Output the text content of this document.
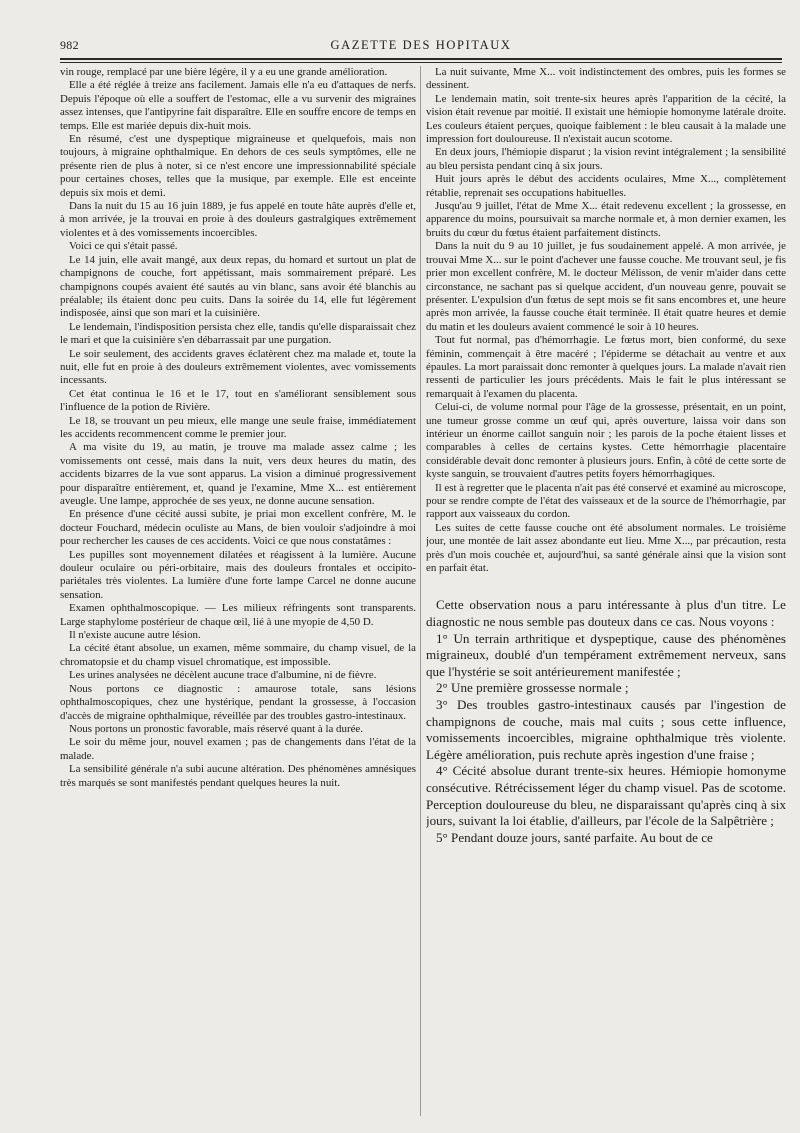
982	GAZETTE DES HOPITAUX

vin rouge, remplacé par une bière légère, il y a eu une grande amélioration.

Elle a été réglée à treize ans facilement. Jamais elle n'a eu d'attaques de nerfs. Depuis l'époque où elle a souffert de l'estomac, elle a vu survenir des migraines assez intenses, que l'antipyrine fait disparaître. Elle en souffre encore de temps en temps. Elle est mariée depuis dix-huit mois.

En résumé, c'est une dyspeptique migraineuse et quelquefois, mais non toujours, à migraine ophthalmique. En dehors de ces seuls symptômes, elle ne présente rien de plus à noter, si ce n'est encore une impressionnabilité spéciale pour certaines choses, telles que la musique, par exemple. Elle est enceinte depuis six mois et demi.

Dans la nuit du 15 au 16 juin 1889, je fus appelé en toute hâte auprès d'elle et, à mon arrivée, je la trouvai en proie à des douleurs gastralgiques extrêmement violentes et à des vomissements incoercibles.

Voici ce qui s'était passé.

Le 14 juin, elle avait mangé, aux deux repas, du homard et surtout un plat de champignons de couche, fort appétissant, mais sommairement préparé. Les champignons coupés avaient été sautés au vin blanc, sans avoir été blanchis au préalable; ils étaient donc peu cuits. Dans la soirée du 14, elle fut légèrement indisposée, ainsi que son mari et la cuisinière.

Le lendemain, l'indisposition persista chez elle, tandis qu'elle disparaissait chez le mari et que la cuisinière s'en débarrassait par une purgation.

Le soir seulement, des accidents graves éclatèrent chez ma malade et, toute la nuit, elle fut en proie à des douleurs extrêmement violentes, avec vomissements incessants.

Cet état continua le 16 et le 17, tout en s'améliorant sensiblement sous l'influence de la potion de Rivière.

Le 18, se trouvant un peu mieux, elle mange une seule fraise, immédiatement les accidents recommencent comme le premier jour.

A ma visite du 19, au matin, je trouve ma malade assez calme ; les vomissements ont cessé, mais dans la nuit, vers deux heures du matin, des accidents bizarres de la vue sont apparus. La vision a diminué progressivement pour disparaître entièrement, et, quand je l'examine, Mme X... est entièrement aveugle. Une lampe, approchée de ses yeux, ne donne aucune sensation.

En présence d'une cécité aussi subite, je priai mon excellent confrère, M. le docteur Fouchard, médecin oculiste au Mans, de bien vouloir s'adjoindre à moi pour rechercher les causes de ces accidents. Voici ce que nous constatâmes :

Les pupilles sont moyennement dilatées et réagissent à la lumière. Aucune douleur oculaire ou péri-orbitaire, mais des douleurs frontales et occipito-pariétales très violentes. La lumière d'une forte lampe Carcel ne donne aucune sensation.

Examen ophthalmoscopique. — Les milieux réfringents sont transparents. Large staphylome postérieur de chaque œil, lié à une myopie de 4,50 D.

Il n'existe aucune autre lésion.

La cécité étant absolue, un examen, même sommaire, du champ visuel, de la chromatopsie et du champ visuel chromatique, est impossible.

Les urines analysées ne décèlent aucune trace d'albumine, ni de fièvre.

Nous portons ce diagnostic : amaurose totale, sans lésions ophthalmoscopiques, chez une hystérique, pendant la grossesse, à l'occasion d'accès de migraine ophthalmique, réveillée par des troubles gastro-intestinaux.

Nous portons un pronostic favorable, mais réservé quant à la durée.

Le soir du même jour, nouvel examen ; pas de changements dans l'état de la malade.

La sensibilité générale n'a subi aucune altération. Des phénomènes amnésiques très marqués se sont manifestés pendant quelques heures la nuit.

La nuit suivante, Mme X... voit indistinctement des ombres, puis les formes se dessinent.

Le lendemain matin, soit trente-six heures après l'apparition de la cécité, la vision était revenue par moitié. Il existait une hémiopie homonyme latérale droite. Les couleurs étaient perçues, quoique faiblement : le bleu causait à la malade une impression fort douloureuse. Il n'existait aucun scotome.

En deux jours, l'hémiopie disparut ; la vision revint intégralement ; la sensibilité au bleu persista pendant cinq à six jours.

Huit jours après le début des accidents oculaires, Mme X..., complètement rétablie, reprenait ses occupations habituelles.

Jusqu'au 9 juillet, l'état de Mme X... était redevenu excellent ; la grossesse, en apparence du moins, poursuivait sa marche normale et, à mon dernier examen, les bruits du cœur du fœtus étaient parfaitement distincts.

Dans la nuit du 9 au 10 juillet, je fus soudainement appelé. A mon arrivée, je trouvai Mme X... sur le point d'achever une fausse couche. Me trouvant seul, je fis prier mon excellent confrère, M. le docteur Mélisson, de venir m'aider dans cette circonstance, ne sachant pas si quelque accident, d'un nouveau genre, pouvait se présenter. L'expulsion d'un fœtus de sept mois se fit sans encombres et, une heure après mon arrivée, la fausse couche était terminée. Il était quatre heures et demie du matin et les douleurs avaient commencé le soir à 10 heures.

Tout fut normal, pas d'hémorrhagie. Le fœtus mort, bien conformé, du sexe féminin, commençait à être macéré ; l'épiderme se détachait au ventre et aux épaules. La mort paraissait donc remonter à quelques jours. La malade n'avait rien ressenti de particulier les jours précédents. Mais le fait le plus intéressant se remarquait à l'examen du placenta.

Celui-ci, de volume normal pour l'âge de la grossesse, présentait, en un point, une tumeur grosse comme un œuf qui, après ouverture, laissa voir dans son intérieur un énorme caillot sanguin noir ; les parois de la poche étaient lisses et comparables à celles de certains kystes. Cette hémorrhagie placentaire considérable devait donc remonter à plusieurs jours. Enfin, à côté de cette sorte de kyste sanguin, se trouvaient d'autres petits foyers hémorrhagiques.

Il est à regretter que le placenta n'ait pas été conservé et examiné au microscope, pour se rendre compte de l'état des vaisseaux et de la source de l'hémorrhagie, par rapport aux vaisseaux du cordon.

Les suites de cette fausse couche ont été absolument normales. Le troisième jour, une montée de lait assez abondante eut lieu. Mme X..., par précaution, resta près d'un mois couchée et, aujourd'hui, sa santé générale ainsi que la vision sont en parfait état.

Cette observation nous a paru intéressante à plus d'un titre. Le diagnostic ne nous semble pas douteux dans ce cas. Nous voyons :

1° Un terrain arthritique et dyspeptique, cause des phénomènes migraineux, doublé d'un tempérament extrêmement nerveux, sans que l'hystérie se soit antérieurement manifestée ;

2° Une première grossesse normale ;

3° Des troubles gastro-intestinaux causés par l'ingestion de champignons de couche, mais mal cuits ; sous cette influence, vomissements incoercibles, migraine ophthalmique très violente. Légère amélioration, puis rechute après ingestion d'une fraise ;

4° Cécité absolue durant trente-six heures. Hémiopie homonyme consécutive. Rétrécissement léger du champ visuel. Pas de scotome. Perception douloureuse du bleu, ne disparaissant qu'après cinq à six jours, suivant la loi établie, d'ailleurs, par l'école de la Salpêtrière ;

5° Pendant douze jours, santé parfaite. Au bout de ce
